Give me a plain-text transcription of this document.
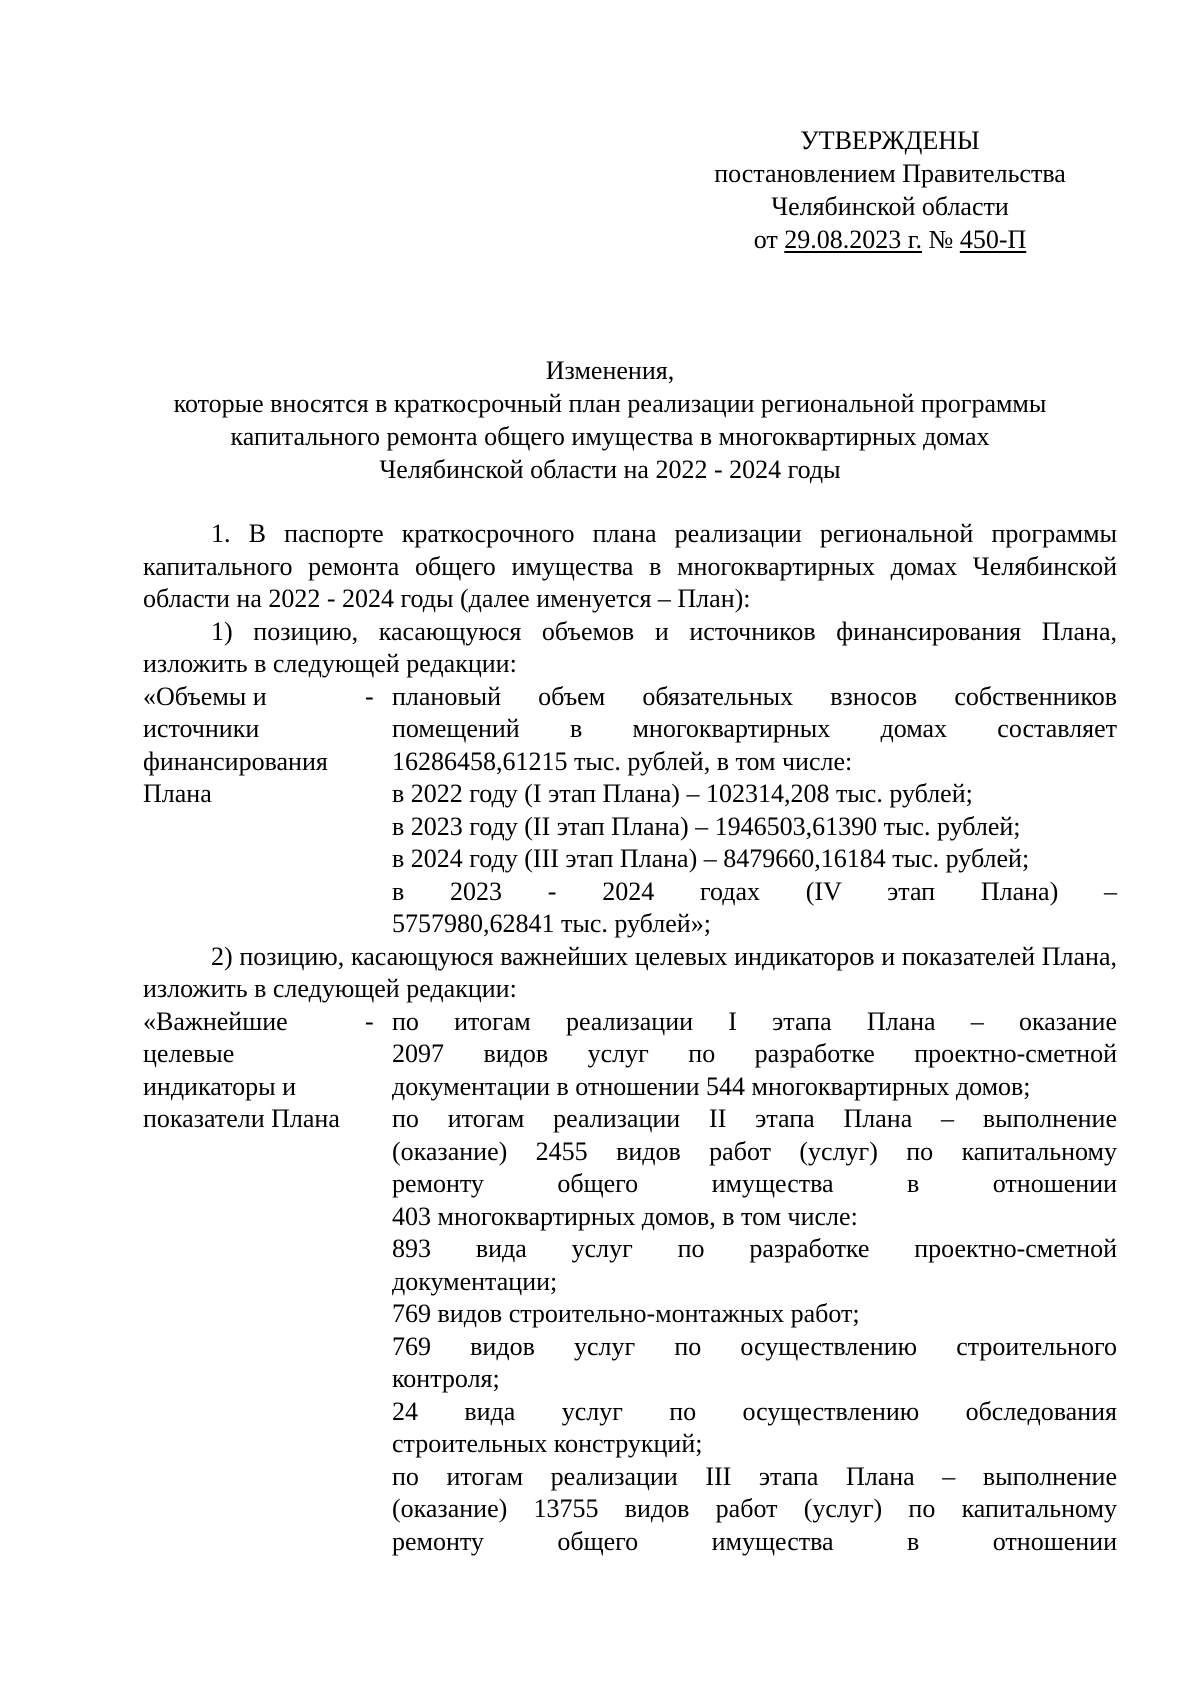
УТВЕРЖДЕНЫ
постановлением Правительства
Челябинской области
от 29.08.2023 г. № 450-П
Изменения,
которые вносятся в краткосрочный план реализации региональной программы
капитального ремонта общего имущества в многоквартирных домах
Челябинской области на 2022 - 2024 годы
1. В паспорте краткосрочного плана реализации региональной программы капитального ремонта общего имущества в многоквартирных домах Челябинской области на 2022 - 2024 годы (далее именуется – План):
1) позицию, касающуюся объемов и источников финансирования Плана, изложить в следующей редакции:
«Объемы и источники финансирования Плана	-	плановый объем обязательных взносов собственников
помещений в многоквартирных домах составляет
16286458,61215 тыс. рублей, в том числе:
в 2022 году (I этап Плана) – 102314,208 тыс. рублей;
в 2023 году (II этап Плана) – 1946503,61390 тыс. рублей;
в 2024 году (III этап Плана) – 8479660,16184 тыс. рублей;
в 2023 - 2024 годах (IV этап Плана) –
5757980,62841 тыс. рублей»;
2) позицию, касающуюся важнейших целевых индикаторов и показателей Плана, изложить в следующей редакции:
«Важнейшие целевые индикаторы и показатели Плана	-	по итогам реализации I этапа Плана – оказание
2097 видов услуг по разработке проектно-сметной
документации в отношении 544 многоквартирных домов;
по итогам реализации II этапа Плана – выполнение
(оказание) 2455 видов работ (услуг) по капитальному
ремонту общего имущества в отношении
403 многоквартирных домов, в том числе:
893 вида услуг по разработке проектно-сметной
документации;
769 видов строительно-монтажных работ;
769 видов услуг по осуществлению строительного
контроля;
24 вида услуг по осуществлению обследования
строительных конструкций;
по итогам реализации III этапа Плана – выполнение
(оказание) 13755 видов работ (услуг) по капитальному
ремонту общего имущества в отношении
